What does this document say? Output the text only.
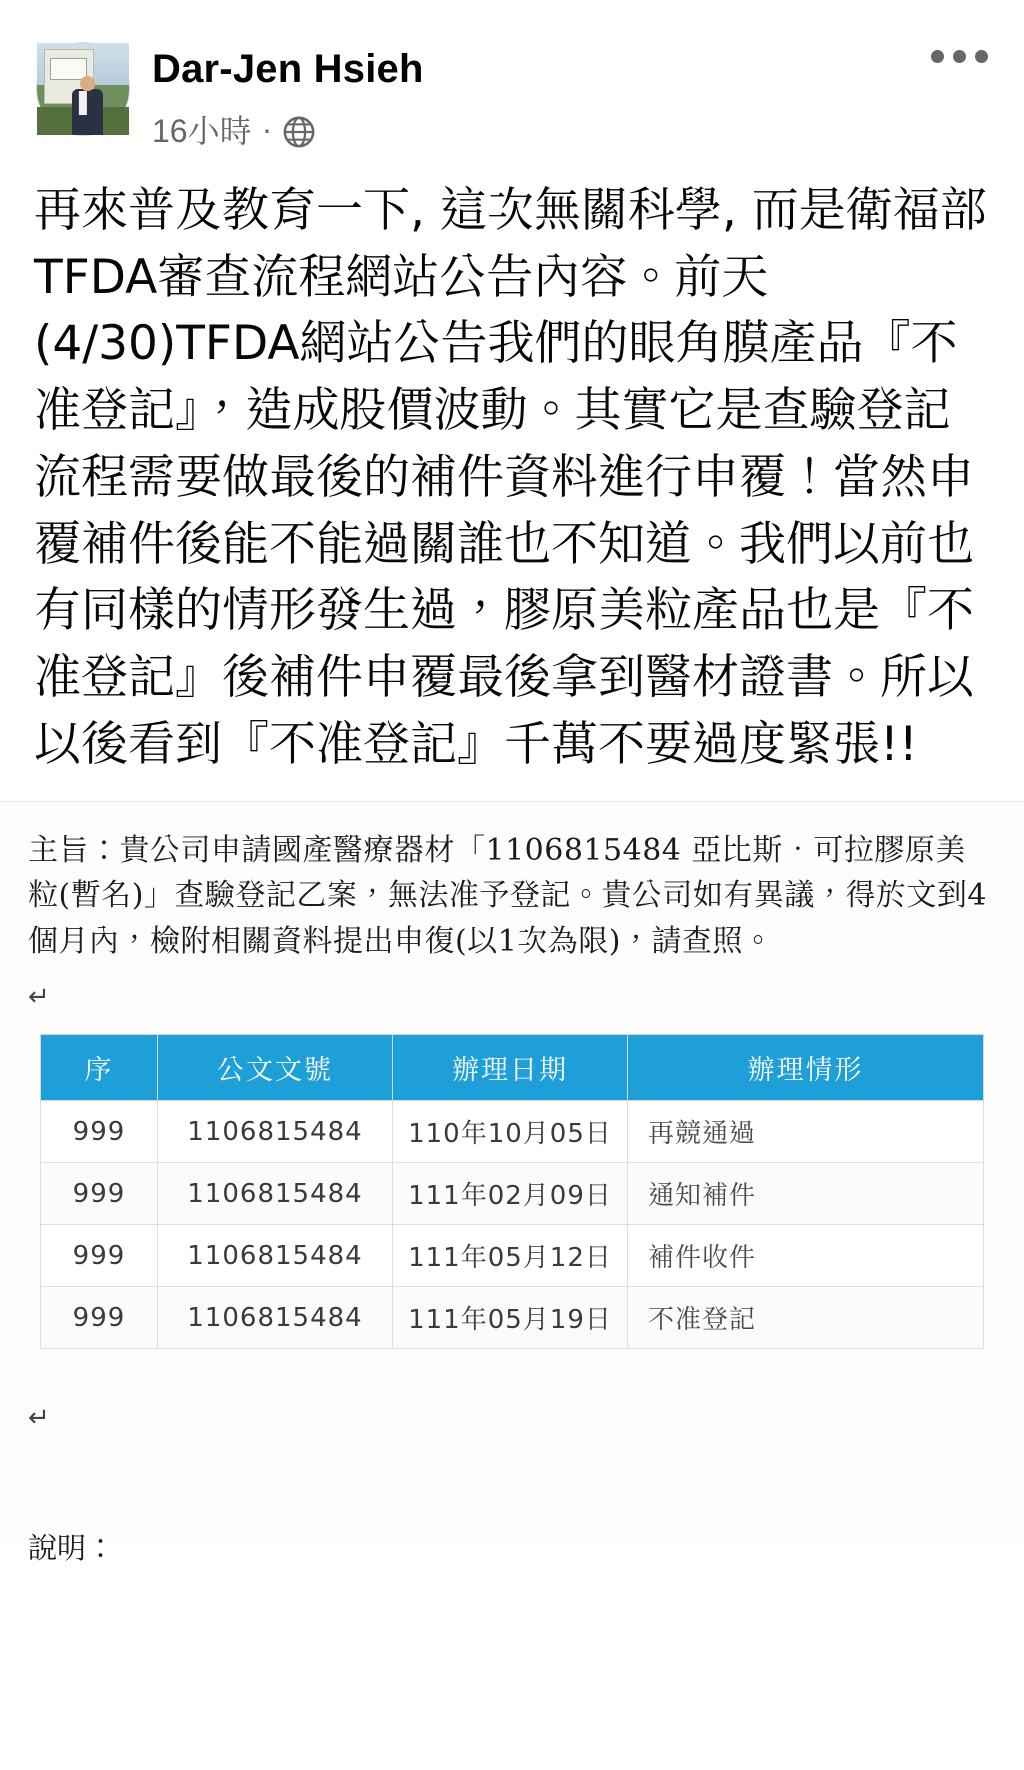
Dar-Jen Hsieh
16小時 ·
再來普及教育一下, 這次無關科學, 而是衛福部TFDA審查流程網站公告內容。前天(4/30)TFDA網站公告我們的眼角膜產品『不准登記』，造成股價波動。其實它是查驗登記流程需要做最後的補件資料進行申覆！當然申覆補件後能不能過關誰也不知道。我們以前也有同樣的情形發生過，膠原美粒產品也是『不准登記』後補件申覆最後拿到醫材證書。所以以後看到『不准登記』千萬不要過度緊張!!
主旨：貴公司申請國產醫療器材「1106815484 亞比斯‧可拉膠原美粒(暫名)」查驗登記乙案，無法准予登記。貴公司如有異議，得於文到4個月內，檢附相關資料提出申復(以1次為限)，請查照。
↵
序	公文文號	辦理日期	辦理情形
999	1106815484	110年10月05日	再競通過
999	1106815484	111年02月09日	通知補件
999	1106815484	111年05月12日	補件收件
999	1106815484	111年05月19日	不准登記
↵
說明：
